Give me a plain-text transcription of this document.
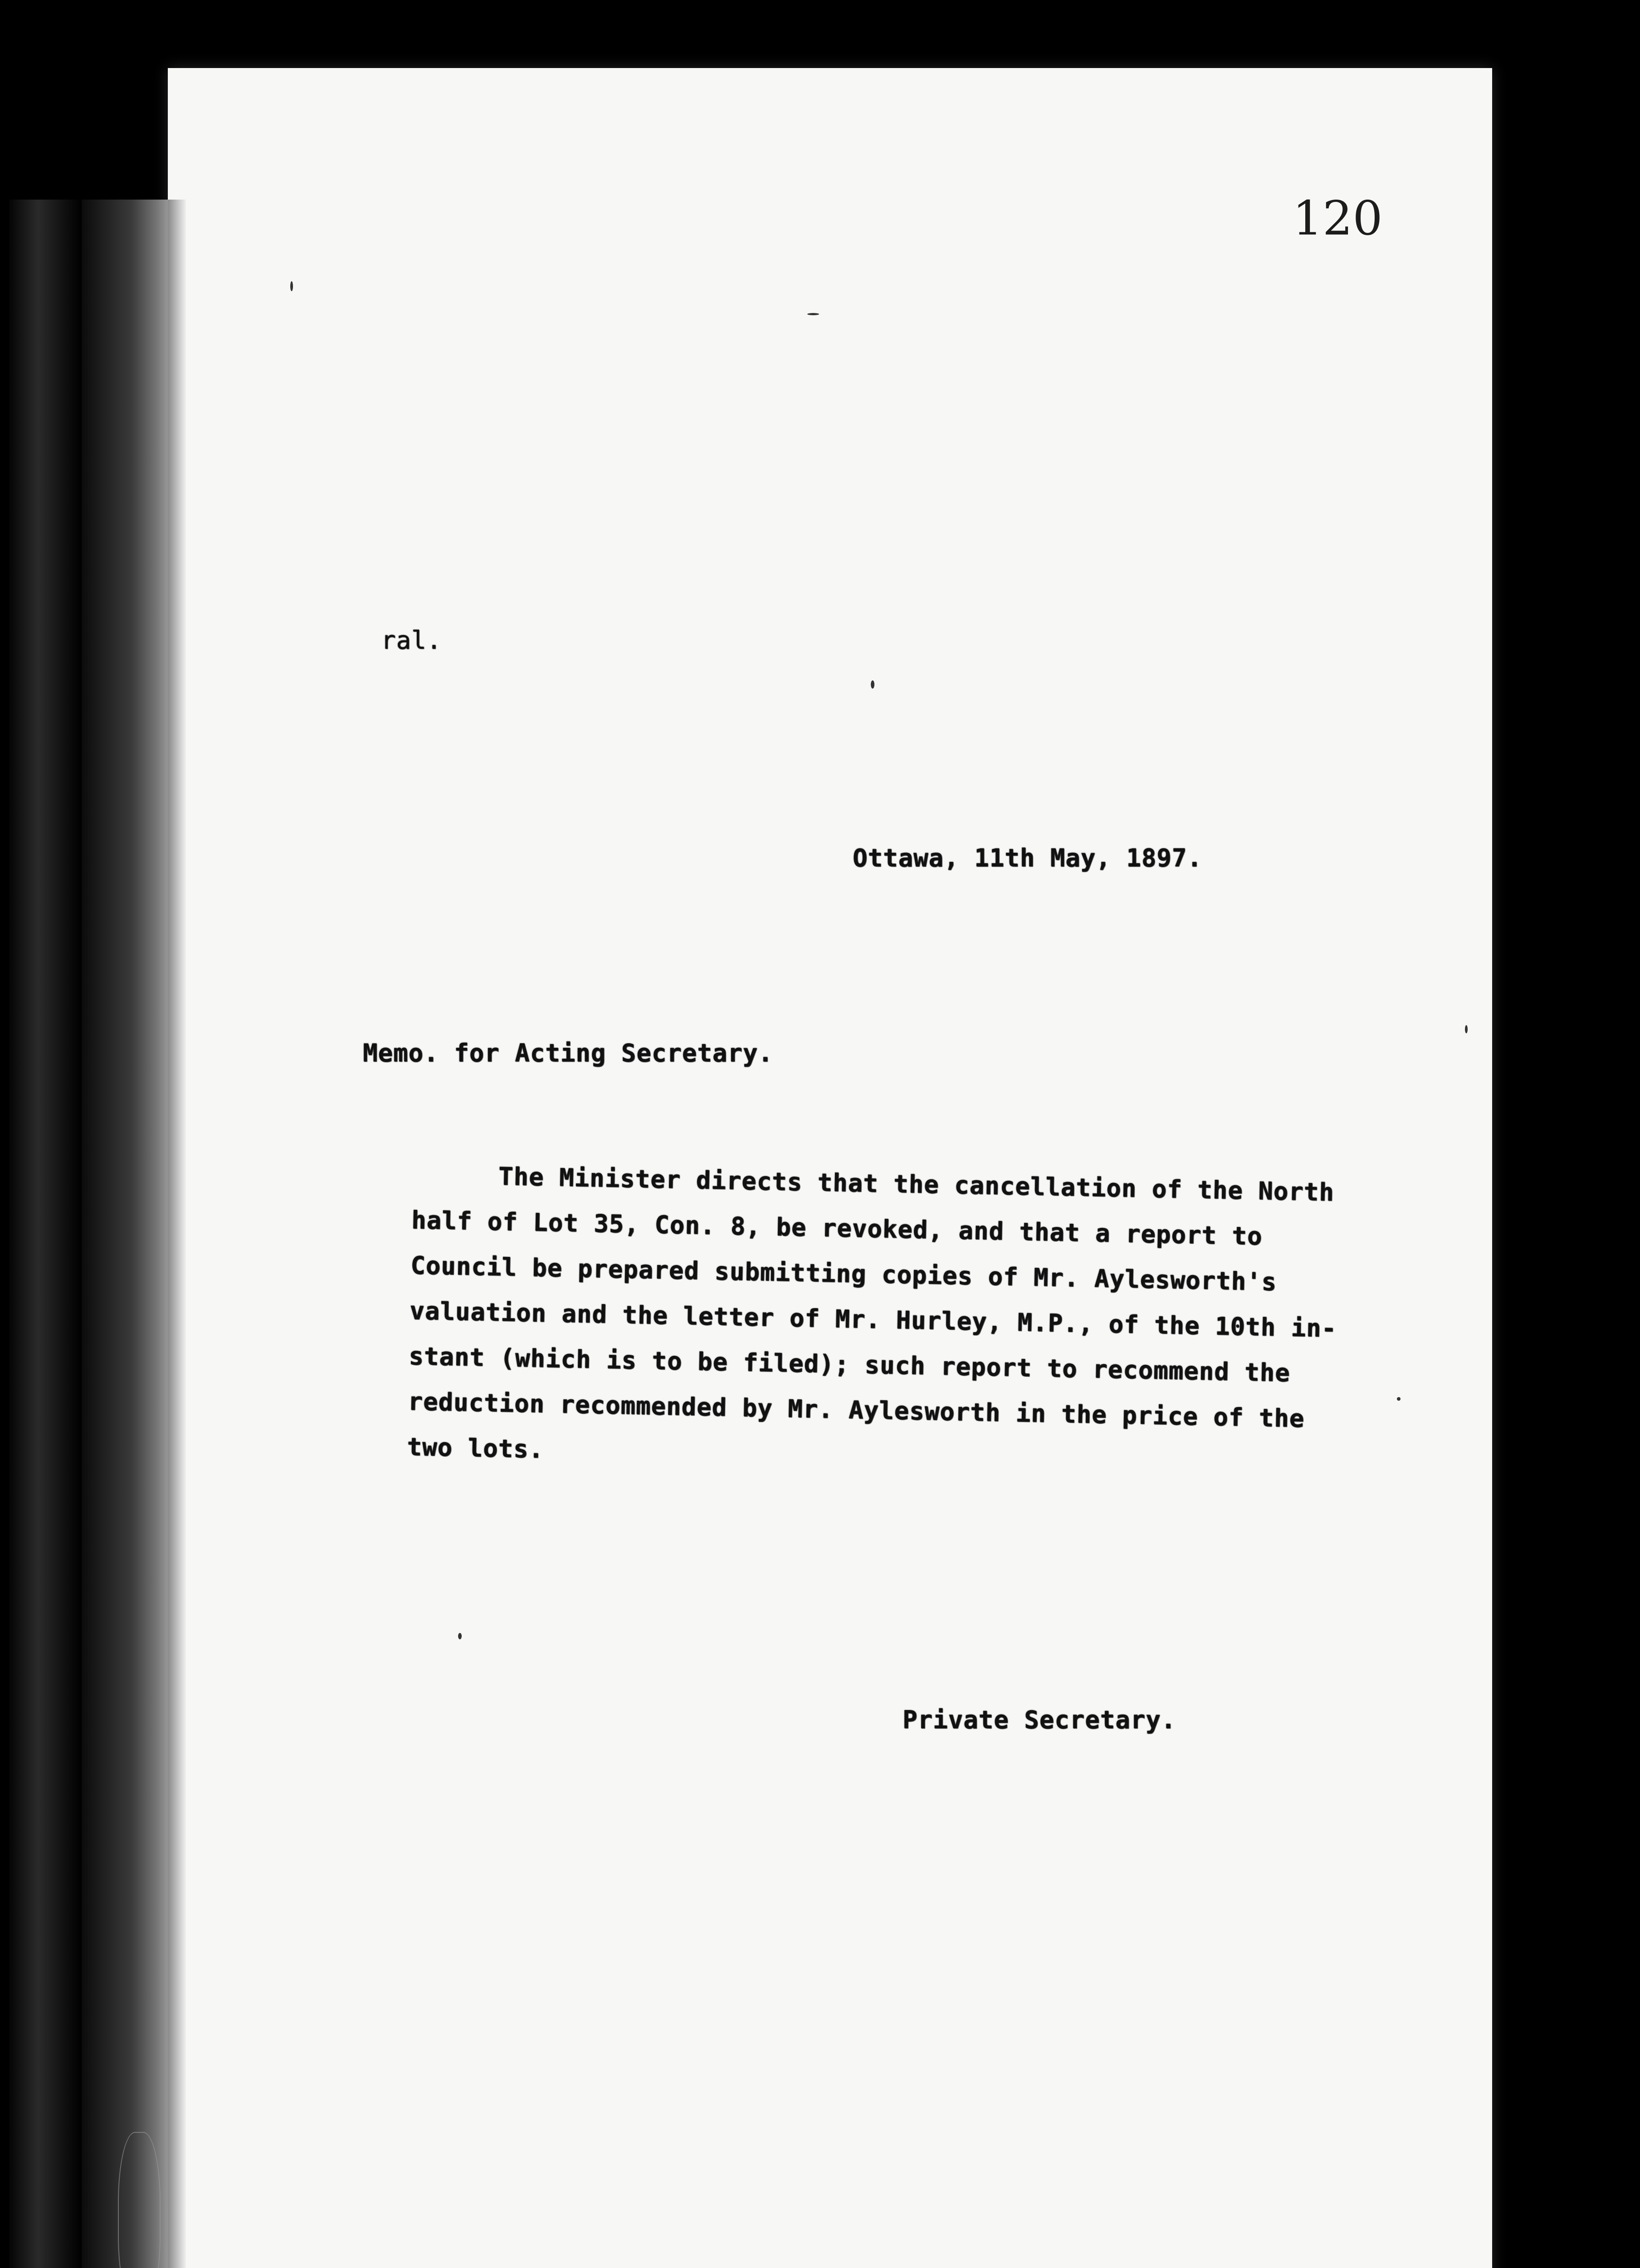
120
ral.
Ottawa, 11th May, 1897.
Memo. for Acting Secretary.
The Minister directs that the cancellation of the North
half of Lot 35, Con. 8, be revoked, and that a report to
Council be prepared submitting copies of Mr. Aylesworth's
valuation and the letter of Mr. Hurley, M.P., of the 10th in-
stant (which is to be filed); such report to recommend the
reduction recommended by Mr. Aylesworth in the price of the
two lots.
Private Secretary.
